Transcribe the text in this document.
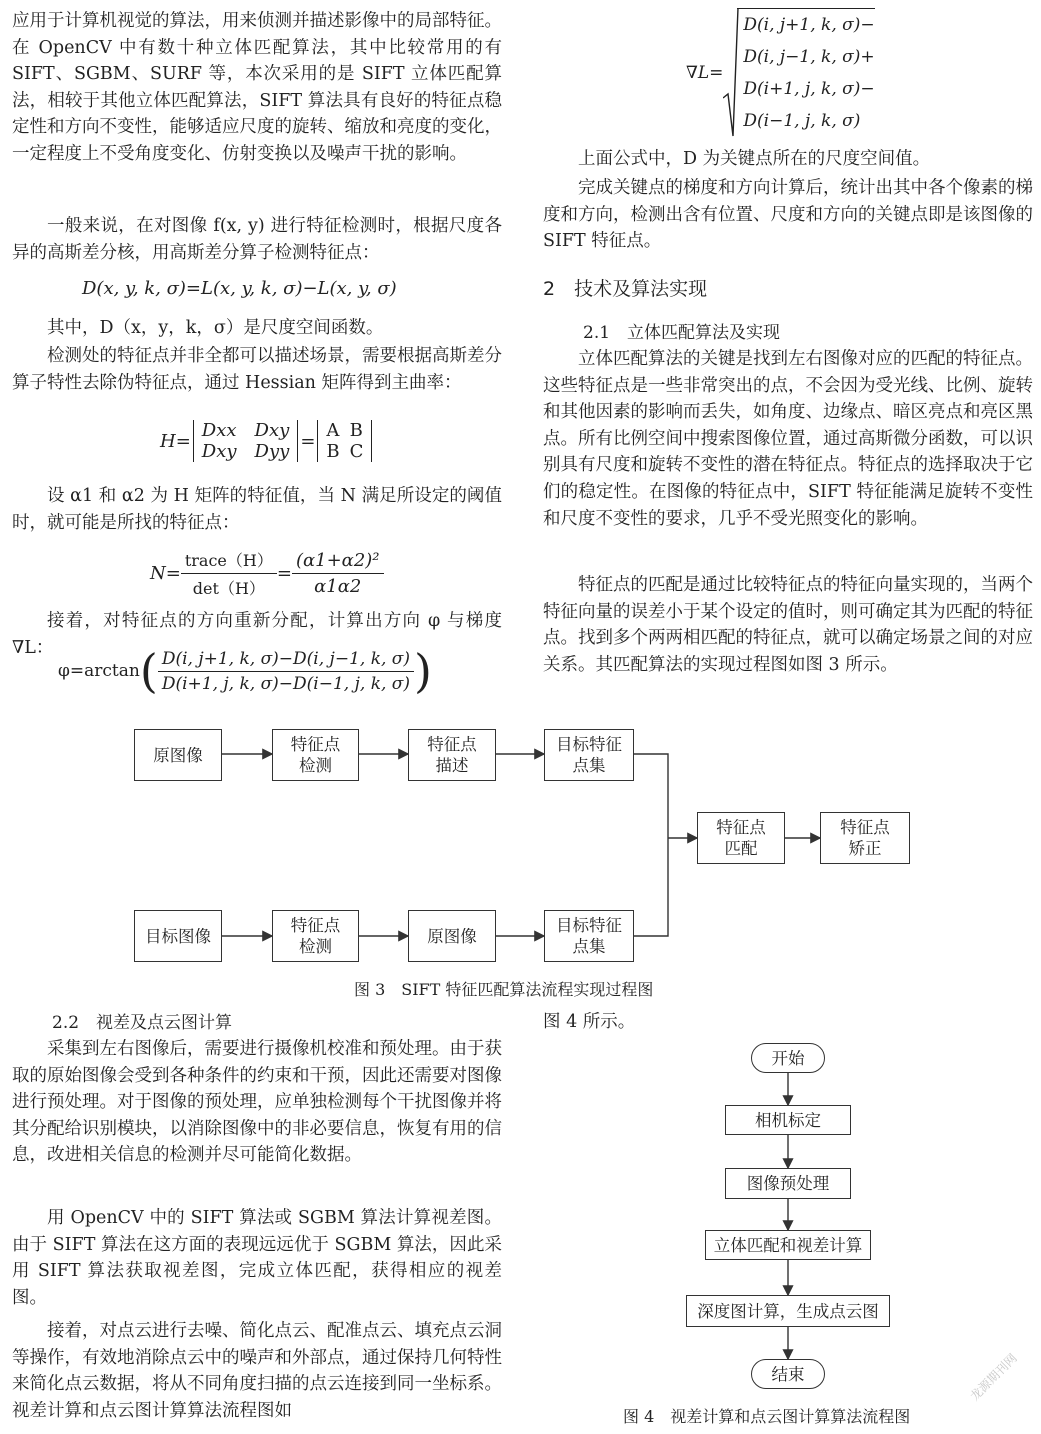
应用于计算机视觉的算法，用来侦测并描述影像中的局部特征。在 OpenCV 中有数十种立体匹配算法，其中比较常用的有 SIFT、SGBM、SURF 等，本次采用的是 SIFT 立体匹配算法，相较于其他立体匹配算法，SIFT 算法具有良好的特征点稳定性和方向不变性，能够适应尺度的旋转、缩放和亮度的变化，一定程度上不受角度变化、仿射变换以及噪声干扰的影响。

一般来说，在对图像 f(x, y) 进行特征检测时，根据尺度各异的高斯差分核，用高斯差分算子检测特征点：

D(x, y, k, σ)=L(x, y, k, σ)−L(x, y, σ)

其中，D（x，y，k，σ）是尺度空间函数。

检测处的特征点并非全都可以描述场景，需要根据高斯差分算子特性去除伪特征点，通过 Hessian 矩阵得到主曲率：

H= Dxx Dxy
Dxy Dyy = A B
B C

设 α1 和 α2 为 H 矩阵的特征值，当 N 满足所设定的阈值时，就可能是所找的特征点：

$N= \frac{\text{trace（H）}}{\det(H)} = \frac{\text{(α1+α2)²}}{\alpha 1\alpha 2}$

接着，对特征点的方向重新分配，计算出方向 φ 与梯度∇L：

φ=arctan ( $\frac{D(i, j+1, k, \sigma)-D(i, j-1, k, \sigma)}{D(i+1, j, k, \sigma)-D(i-1, j, k, \sigma)}$ )
∇L=
D(i, j+1, k, σ)−
D(i, j−1, k, σ)+
D(i+1, j, k, σ)−
D(i−1, j, k, σ)

上面公式中，D 为关键点所在的尺度空间值。

完成关键点的梯度和方向计算后，统计出其中各个像素的梯度和方向，检测出含有位置、尺度和方向的关键点即是该图像的 SIFT 特征点。

2　技术及算法实现
2.1　立体匹配算法及实现

立体匹配算法的关键是找到左右图像对应的匹配的特征点。这些特征点是一些非常突出的点，不会因为受光线、比例、旋转和其他因素的影响而丢失，如角度、边缘点、暗区亮点和亮区黑点。所有比例空间中搜索图像位置，通过高斯微分函数，可以识别具有尺度和旋转不变性的潜在特征点。特征点的选择取决于它们的稳定性。在图像的特征点中，SIFT 特征能满足旋转不变性和尺度不变性的要求，几乎不受光照变化的影响。

特征点的匹配是通过比较特征点的特征向量实现的，当两个特征向量的误差小于某个设定的值时，则可确定其为匹配的特征点。找到多个两两相匹配的特征点，就可以确定场景之间的对应关系。其匹配算法的实现过程图如图 3 所示。

原图像
特征点
检测
特征点
描述
目标特征
点集
目标图像
特征点
检测
原图像
目标特征
点集
特征点
匹配
特征点
矫正
图 3　SIFT 特征匹配算法流程实现过程图
2.2　视差及点云图计算

采集到左右图像后，需要进行摄像机校准和预处理。由于获取的原始图像会受到各种条件的约束和干预，因此还需要对图像进行预处理。对于图像的预处理，应单独检测每个干扰图像并将其分配给识别模块，以消除图像中的非必要信息，恢复有用的信息，改进相关信息的检测并尽可能简化数据。

用 OpenCV 中的 SIFT 算法或 SGBM 算法计算视差图。由于 SIFT 算法在这方面的表现远远优于 SGBM 算法，因此采用 SIFT 算法获取视差图，完成立体匹配，获得相应的视差图。

接着，对点云进行去噪、简化点云、配准点云、填充点云洞等操作，有效地消除点云中的噪声和外部点，通过保持几何特性来简化点云数据，将从不同角度扫描的点云连接到同一坐标系。视差计算和点云图计算算法流程图如

图 4 所示。
开始
相机标定
图像预处理
立体匹配和视差计算
深度图计算，生成点云图
结束
图 4　视差计算和点云图计算算法流程图
龙源期刊网
